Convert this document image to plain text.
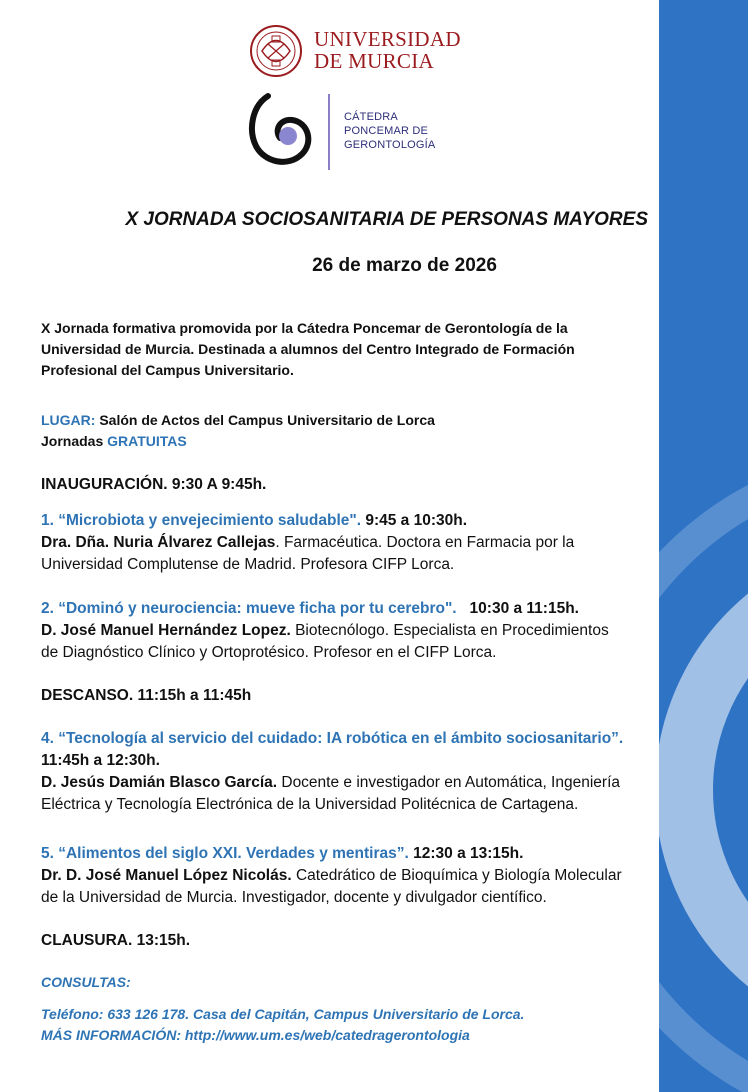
UNIVERSIDAD
DE MURCIA
CÁTEDRA
PONCEMAR DE
GERONTOLOGÍA
X JORNADA SOCIOSANITARIA DE PERSONAS MAYORES
26 de marzo de 2026
X Jornada formativa promovida por la Cátedra Poncemar de Gerontología de la
Universidad de Murcia. Destinada a alumnos del Centro Integrado de Formación
Profesional del Campus Universitario.
LUGAR: Salón de Actos del Campus Universitario de Lorca
Jornadas GRATUITAS
INAUGURACIÓN. 9:30 A 9:45h.
1. “Microbiota y envejecimiento saludable". 9:45 a 10:30h.
Dra. Dña. Nuria Álvarez Callejas. Farmacéutica. Doctora en Farmacia por la
Universidad Complutense de Madrid. Profesora CIFP Lorca.
2. “Dominó y neurociencia: mueve ficha por tu cerebro".   10:30 a 11:15h.
D. José Manuel Hernández Lopez. Biotecnólogo. Especialista en Procedimientos
de Diagnóstico Clínico y Ortoprotésico. Profesor en el CIFP Lorca.
DESCANSO. 11:15h a 11:45h
4. “Tecnología al servicio del cuidado: IA robótica en el ámbito sociosanitario”.
11:45h a 12:30h.
D. Jesús Damián Blasco García. Docente e investigador en Automática, Ingeniería
Eléctrica y Tecnología Electrónica de la Universidad Politécnica de Cartagena.
5. “Alimentos del siglo XXI. Verdades y mentiras”. 12:30 a 13:15h.
Dr. D. José Manuel López Nicolás. Catedrático de Bioquímica y Biología Molecular
de la Universidad de Murcia. Investigador, docente y divulgador científico.
CLAUSURA. 13:15h.
CONSULTAS:
Teléfono: 633 126 178. Casa del Capitán, Campus Universitario de Lorca.
MÁS INFORMACIÓN: http://www.um.es/web/catedragerontologia
